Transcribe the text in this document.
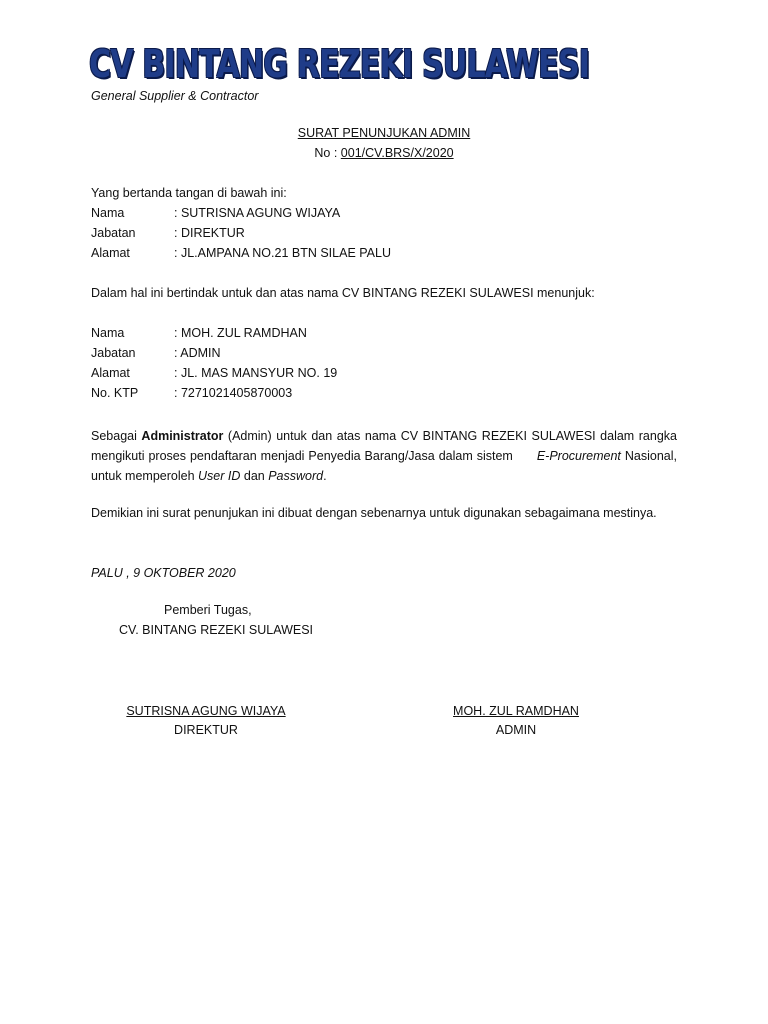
CV BINTANG REZEKI SULAWESI
General Supplier & Contractor
SURAT PENUNJUKAN ADMIN
No : 001/CV.BRS/X/2020
Yang bertanda tangan di bawah ini:
Nama	: SUTRISNA AGUNG WIJAYA
Jabatan	: DIREKTUR
Alamat	: JL.AMPANA NO.21 BTN SILAE PALU
Dalam hal ini bertindak untuk dan atas nama CV BINTANG REZEKI SULAWESI menunjuk:
Nama	: MOH. ZUL RAMDHAN
Jabatan	: ADMIN
Alamat	: JL. MAS MANSYUR NO. 19
No. KTP	: 7271021405870003
Sebagai Administrator (Admin) untuk dan atas nama CV BINTANG REZEKI SULAWESI dalam rangka mengikuti proses pendaftaran menjadi Penyedia Barang/Jasa dalam sistem E-Procurement Nasional, untuk memperoleh User ID dan Password.
Demikian ini surat penunjukan ini dibuat dengan sebenarnya untuk digunakan sebagaimana mestinya.
PALU , 9 OKTOBER 2020
Pemberi Tugas,
CV. BINTANG REZEKI SULAWESI
SUTRISNA AGUNG WIJAYA
DIREKTUR
MOH. ZUL RAMDHAN
ADMIN
